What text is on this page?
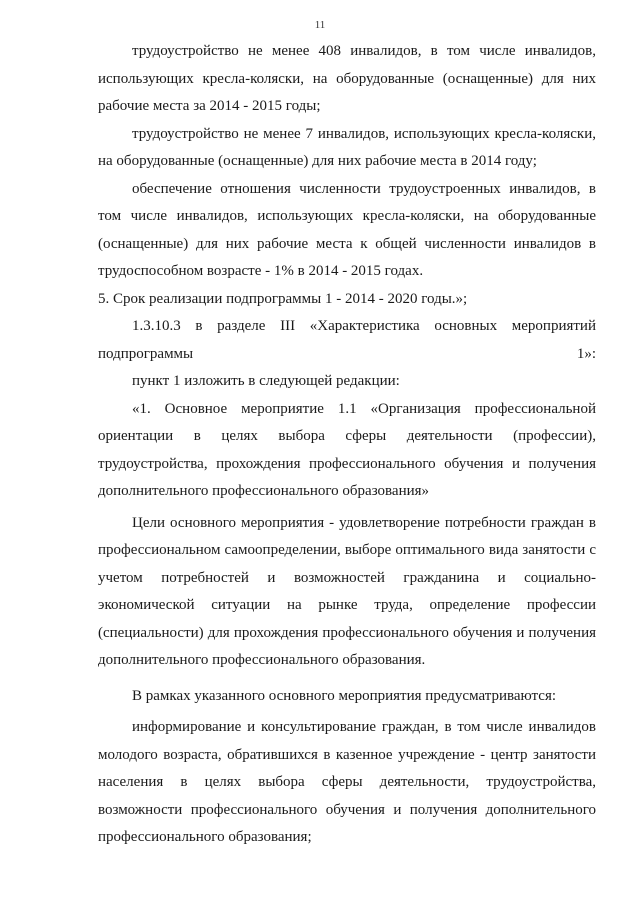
11

трудоустройство не менее 408 инвалидов, в том числе инвалидов, использующих кресла-коляски, на оборудованные (оснащенные) для них рабочие места за 2014 - 2015 годы;

трудоустройство не менее 7 инвалидов, использующих кресла-коляски, на оборудованные (оснащенные) для них рабочие места в 2014 году;

обеспечение отношения численности трудоустроенных инвалидов, в том числе инвалидов, использующих кресла-коляски, на оборудованные (оснащенные) для них рабочие места к общей численности инвалидов в трудоспособном возрасте - 1% в 2014 - 2015 годах.

5. Срок реализации подпрограммы 1 - 2014 - 2020 годы.»;

1.3.10.3 в разделе III «Характеристика основных мероприятий подпрограммы 1»:

пункт 1 изложить в следующей редакции:

«1. Основное мероприятие 1.1 «Организация профессиональной ориентации в целях выбора сферы деятельности (профессии), трудоустройства, прохождения профессионального обучения и получения дополнительного профессионального образования»

Цели основного мероприятия - удовлетворение потребности граждан в профессиональном самоопределении, выборе оптимального вида занятости с учетом потребностей и возможностей гражданина и социально-экономической ситуации на рынке труда, определение профессии (специальности) для прохождения профессионального обучения и получения дополнительного профессионального образования.

В рамках указанного основного мероприятия предусматриваются:

информирование и консультирование граждан, в том числе инвалидов молодого возраста, обратившихся в казенное учреждение - центр занятости населения в целях выбора сферы деятельности, трудоустройства, возможности профессионального обучения и получения дополнительного профессионального образования;
